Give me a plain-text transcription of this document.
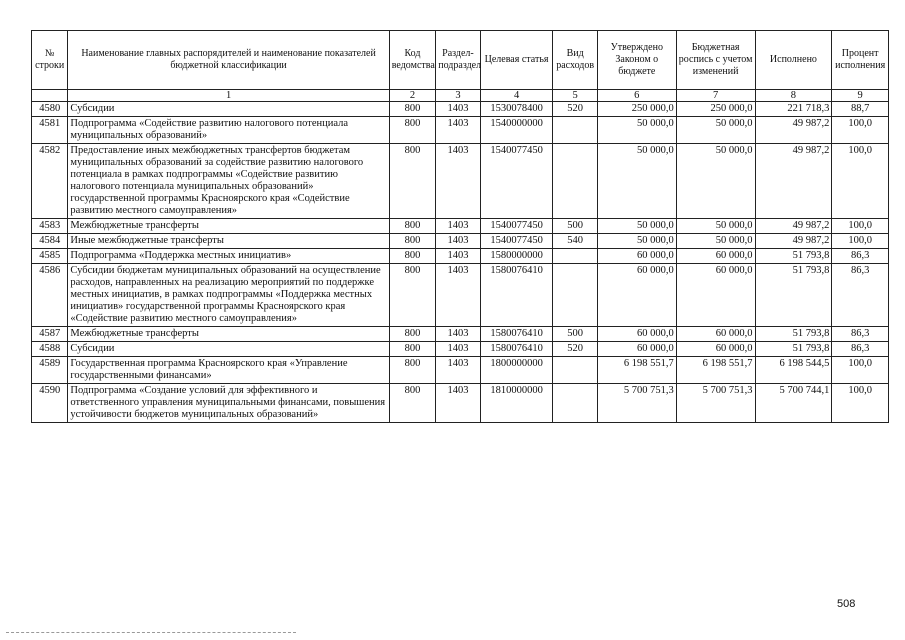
№ строки	Наименование главных распорядителей и наименование показателей бюджетной классификации	Код ведомства	Раздел-подраздел	Целевая статья	Вид расходов	Утверждено Законом о бюджете	Бюджетная роспись с учетом изменений	Исполнено	Процент исполнения
	1	2	3	4	5	6	7	8	9
4580	Субсидии	800	1403	1530078400	520	250 000,0	250 000,0	221 718,3	88,7
4581	Подпрограмма «Содействие развитию налогового потенциала муниципальных образований»	800	1403	1540000000		50 000,0	50 000,0	49 987,2	100,0
4582	Предоставление иных межбюджетных трансфертов бюджетам муниципальных образований за содействие развитию налогового потенциала в рамках подпрограммы «Содействие развитию налогового потенциала муниципальных образований» государственной программы Красноярского края «Содействие развитию местного самоуправления»	800	1403	1540077450		50 000,0	50 000,0	49 987,2	100,0
4583	Межбюджетные трансферты	800	1403	1540077450	500	50 000,0	50 000,0	49 987,2	100,0
4584	Иные межбюджетные трансферты	800	1403	1540077450	540	50 000,0	50 000,0	49 987,2	100,0
4585	Подпрограмма «Поддержка местных инициатив»	800	1403	1580000000		60 000,0	60 000,0	51 793,8	86,3
4586	Субсидии бюджетам муниципальных образований на осуществление расходов, направленных на реализацию мероприятий по поддержке местных инициатив, в рамках подпрограммы «Поддержка местных инициатив» государственной программы Красноярского края «Содействие развитию местного самоуправления»	800	1403	1580076410		60 000,0	60 000,0	51 793,8	86,3
4587	Межбюджетные трансферты	800	1403	1580076410	500	60 000,0	60 000,0	51 793,8	86,3
4588	Субсидии	800	1403	1580076410	520	60 000,0	60 000,0	51 793,8	86,3
4589	Государственная программа Красноярского края «Управление государственными финансами»	800	1403	1800000000		6 198 551,7	6 198 551,7	6 198 544,5	100,0
4590	Подпрограмма «Создание условий для эффективного и ответственного управления муниципальными финансами, повышения устойчивости бюджетов муниципальных образований»	800	1403	1810000000		5 700 751,3	5 700 751,3	5 700 744,1	100,0
508
